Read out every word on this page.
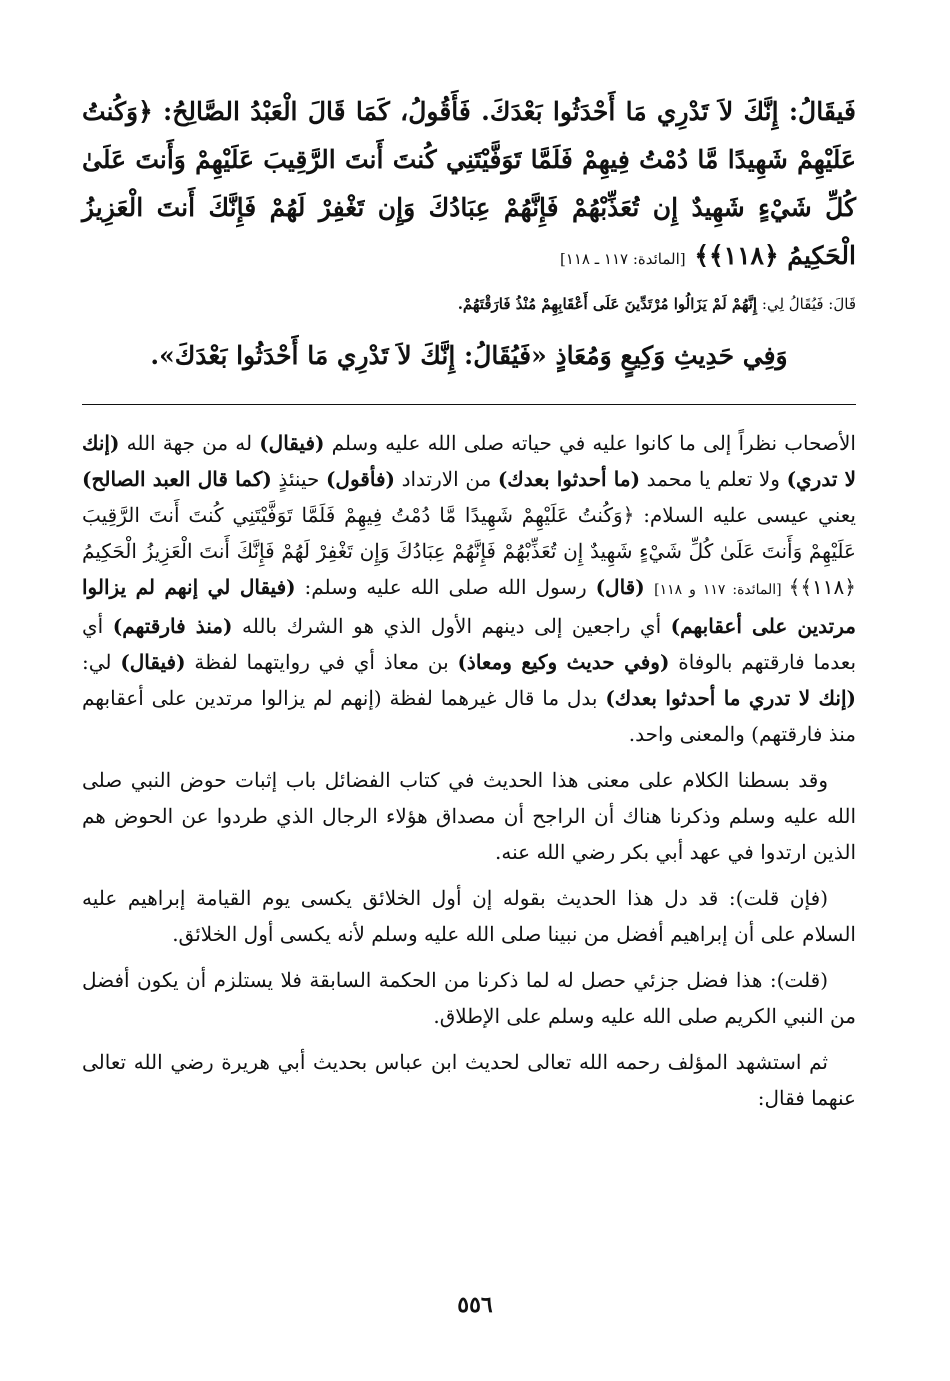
فَيقَالُ: إِنَّكَ لاَ تَدْرِي مَا أَحْدَثُوا بَعْدَكَ. فَأَقُولُ، كَمَا قَالَ الْعَبْدُ الصَّالِحُ: ﴿وَكُنتُ عَلَيْهِمْ شَهِيدًا مَّا دُمْتُ فِيهِمْ فَلَمَّا تَوَفَّيْتَنِي كُنتَ أَنتَ الرَّقِيبَ عَلَيْهِمْ وَأَنتَ عَلَىٰ كُلِّ شَيْءٍ شَهِيدٌ إِن تُعَذِّبْهُمْ فَإِنَّهُمْ عِبَادُكَ وَإِن تَغْفِرْ لَهُمْ فَإِنَّكَ أَنتَ الْعَزِيزُ الْحَكِيمُ ﴿١١٨﴾﴾ [المائدة: ١١٧ ـ ١١٨]

قَالَ: فَيُقَالُ لِي: إِنَّهُمْ لَمْ يَزَالُوا مُرْتَدِّينَ عَلَى أَعْقَابِهِمْ مُنْذُ فَارَقْتَهُمْ.

وَفِي حَدِيثِ وَكِيعٍ وَمُعَاذٍ «فَيُقَالُ: إِنَّكَ لاَ تَدْرِي مَا أَحْدَثُوا بَعْدَكَ».

الأصحاب نظراً إلى ما كانوا عليه في حياته صلى الله عليه وسلم (فيقال) له من جهة الله (إنك لا تدري) ولا تعلم يا محمد (ما أحدثوا بعدك) من الارتداد (فأقول) حينئذٍ (كما قال العبد الصالح) يعني عيسى عليه السلام: ﴿وَكُنتُ عَلَيْهِمْ شَهِيدًا مَّا دُمْتُ فِيهِمْ فَلَمَّا تَوَفَّيْتَنِي كُنتَ أَنتَ الرَّقِيبَ عَلَيْهِمْ وَأَنتَ عَلَىٰ كُلِّ شَيْءٍ شَهِيدٌ إِن تُعَذِّبْهُمْ فَإِنَّهُمْ عِبَادُكَ وَإِن تَغْفِرْ لَهُمْ فَإِنَّكَ أَنتَ الْعَزِيزُ الْحَكِيمُ ﴿١١٨﴾﴾ [المائدة: ١١٧ و ١١٨] (قال) رسول الله صلى الله عليه وسلم: (فيقال لي إنهم لم يزالوا مرتدين على أعقابهم) أي راجعين إلى دينهم الأول الذي هو الشرك بالله (منذ فارقتهم) أي بعدما فارقتهم بالوفاة (وفي حديث وكيع ومعاذ) بن معاذ أي في روايتهما لفظة (فيقال) لي: (إنك لا تدري ما أحدثوا بعدك) بدل ما قال غيرهما لفظة (إنهم لم يزالوا مرتدين على أعقابهم منذ فارقتهم) والمعنى واحد.

وقد بسطنا الكلام على معنى هذا الحديث في كتاب الفضائل باب إثبات حوض النبي صلى الله عليه وسلم وذكرنا هناك أن الراجح أن مصداق هؤلاء الرجال الذي طردوا عن الحوض هم الذين ارتدوا في عهد أبي بكر رضي الله عنه.

(فإن قلت): قد دل هذا الحديث بقوله إن أول الخلائق يكسى يوم القيامة إبراهيم عليه السلام على أن إبراهيم أفضل من نبينا صلى الله عليه وسلم لأنه يكسى أول الخلائق.

(قلت): هذا فضل جزئي حصل له لما ذكرنا من الحكمة السابقة فلا يستلزم أن يكون أفضل من النبي الكريم صلى الله عليه وسلم على الإطلاق.

ثم استشهد المؤلف رحمه الله تعالى لحديث ابن عباس بحديث أبي هريرة رضي الله تعالى عنهما فقال:

٥٥٦
